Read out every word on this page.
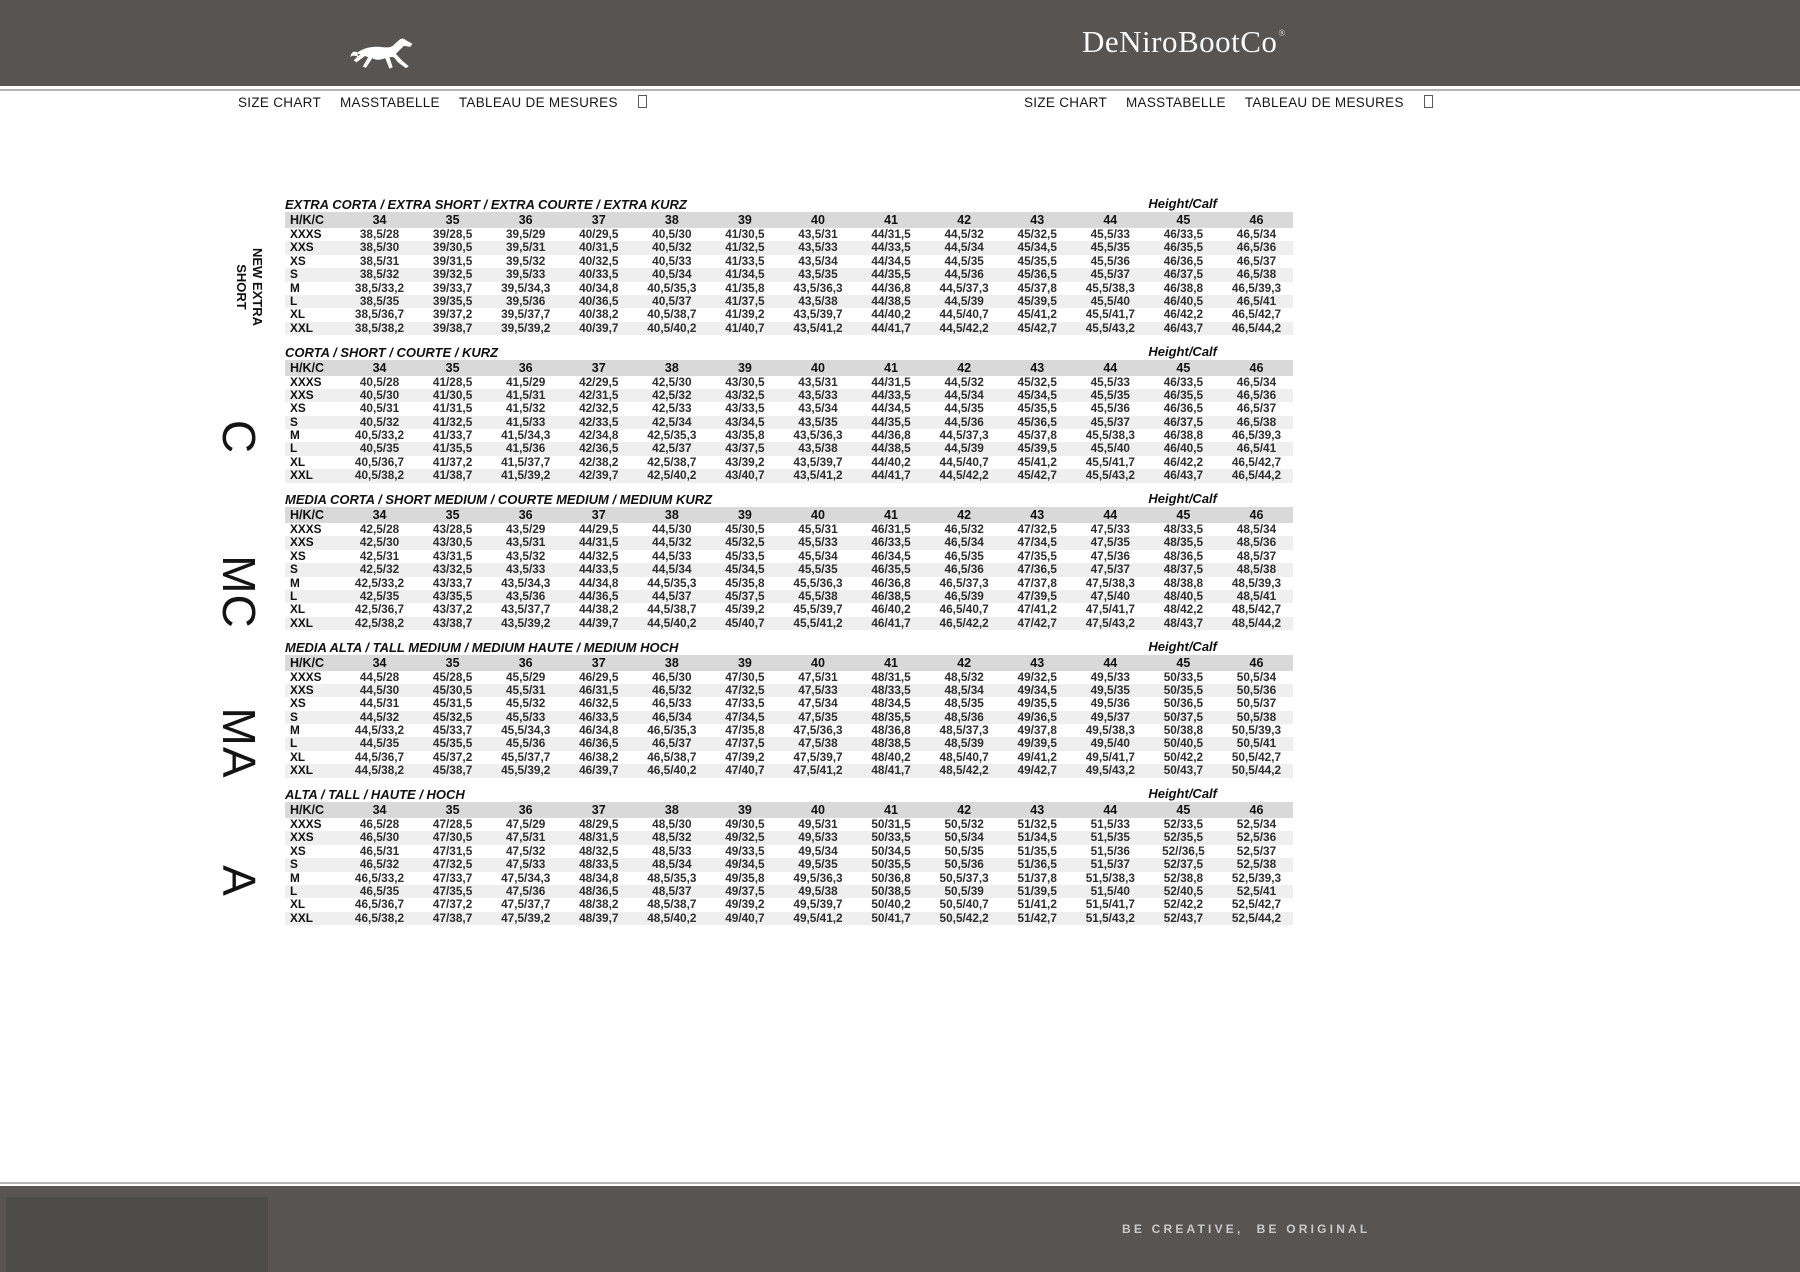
DeNiroBootCo®
SIZE CHART MASSTABELLE TABLEAU DE MESURES	SIZE CHART MASSTABELLE TABLEAU DE MESURES
EXTRA CORTA / EXTRA SHORT / EXTRA COURTE / EXTRA KURZ	Height/Calf
H/K/C	34	35	36	37	38	39	40	41	42	43	44	45	46
XXXS	38,5/28	39/28,5	39,5/29	40/29,5	40,5/30	41/30,5	43,5/31	44/31,5	44,5/32	45/32,5	45,5/33	46/33,5	46,5/34
XXS	38,5/30	39/30,5	39,5/31	40/31,5	40,5/32	41/32,5	43,5/33	44/33,5	44,5/34	45/34,5	45,5/35	46/35,5	46,5/36
XS	38,5/31	39/31,5	39,5/32	40/32,5	40,5/33	41/33,5	43,5/34	44/34,5	44,5/35	45/35,5	45,5/36	46/36,5	46,5/37
S	38,5/32	39/32,5	39,5/33	40/33,5	40,5/34	41/34,5	43,5/35	44/35,5	44,5/36	45/36,5	45,5/37	46/37,5	46,5/38
M	38,5/33,2	39/33,7	39,5/34,3	40/34,8	40,5/35,3	41/35,8	43,5/36,3	44/36,8	44,5/37,3	45/37,8	45,5/38,3	46/38,8	46,5/39,3
L	38,5/35	39/35,5	39,5/36	40/36,5	40,5/37	41/37,5	43,5/38	44/38,5	44,5/39	45/39,5	45,5/40	46/40,5	46,5/41
XL	38,5/36,7	39/37,2	39,5/37,7	40/38,2	40,5/38,7	41/39,2	43,5/39,7	44/40,2	44,5/40,7	45/41,2	45,5/41,7	46/42,2	46,5/42,7
XXL	38,5/38,2	39/38,7	39,5/39,2	40/39,7	40,5/40,2	41/40,7	43,5/41,2	44/41,7	44,5/42,2	45/42,7	45,5/43,2	46/43,7	46,5/44,2
CORTA / SHORT / COURTE / KURZ	Height/Calf
H/K/C	34	35	36	37	38	39	40	41	42	43	44	45	46
XXXS	40,5/28	41/28,5	41,5/29	42/29,5	42,5/30	43/30,5	43,5/31	44/31,5	44,5/32	45/32,5	45,5/33	46/33,5	46,5/34
XXS	40,5/30	41/30,5	41,5/31	42/31,5	42,5/32	43/32,5	43,5/33	44/33,5	44,5/34	45/34,5	45,5/35	46/35,5	46,5/36
XS	40,5/31	41/31,5	41,5/32	42/32,5	42,5/33	43/33,5	43,5/34	44/34,5	44,5/35	45/35,5	45,5/36	46/36,5	46,5/37
S	40,5/32	41/32,5	41,5/33	42/33,5	42,5/34	43/34,5	43,5/35	44/35,5	44,5/36	45/36,5	45,5/37	46/37,5	46,5/38
M	40,5/33,2	41/33,7	41,5/34,3	42/34,8	42,5/35,3	43/35,8	43,5/36,3	44/36,8	44,5/37,3	45/37,8	45,5/38,3	46/38,8	46,5/39,3
L	40,5/35	41/35,5	41,5/36	42/36,5	42,5/37	43/37,5	43,5/38	44/38,5	44,5/39	45/39,5	45,5/40	46/40,5	46,5/41
XL	40,5/36,7	41/37,2	41,5/37,7	42/38,2	42,5/38,7	43/39,2	43,5/39,7	44/40,2	44,5/40,7	45/41,2	45,5/41,7	46/42,2	46,5/42,7
XXL	40,5/38,2	41/38,7	41,5/39,2	42/39,7	42,5/40,2	43/40,7	43,5/41,2	44/41,7	44,5/42,2	45/42,7	45,5/43,2	46/43,7	46,5/44,2
MEDIA CORTA / SHORT MEDIUM / COURTE MEDIUM / MEDIUM KURZ	Height/Calf
H/K/C	34	35	36	37	38	39	40	41	42	43	44	45	46
XXXS	42,5/28	43/28,5	43,5/29	44/29,5	44,5/30	45/30,5	45,5/31	46/31,5	46,5/32	47/32,5	47,5/33	48/33,5	48,5/34
XXS	42,5/30	43/30,5	43,5/31	44/31,5	44,5/32	45/32,5	45,5/33	46/33,5	46,5/34	47/34,5	47,5/35	48/35,5	48,5/36
XS	42,5/31	43/31,5	43,5/32	44/32,5	44,5/33	45/33,5	45,5/34	46/34,5	46,5/35	47/35,5	47,5/36	48/36,5	48,5/37
S	42,5/32	43/32,5	43,5/33	44/33,5	44,5/34	45/34,5	45,5/35	46/35,5	46,5/36	47/36,5	47,5/37	48/37,5	48,5/38
M	42,5/33,2	43/33,7	43,5/34,3	44/34,8	44,5/35,3	45/35,8	45,5/36,3	46/36,8	46,5/37,3	47/37,8	47,5/38,3	48/38,8	48,5/39,3
L	42,5/35	43/35,5	43,5/36	44/36,5	44,5/37	45/37,5	45,5/38	46/38,5	46,5/39	47/39,5	47,5/40	48/40,5	48,5/41
XL	42,5/36,7	43/37,2	43,5/37,7	44/38,2	44,5/38,7	45/39,2	45,5/39,7	46/40,2	46,5/40,7	47/41,2	47,5/41,7	48/42,2	48,5/42,7
XXL	42,5/38,2	43/38,7	43,5/39,2	44/39,7	44,5/40,2	45/40,7	45,5/41,2	46/41,7	46,5/42,2	47/42,7	47,5/43,2	48/43,7	48,5/44,2
MEDIA ALTA / TALL MEDIUM / MEDIUM HAUTE / MEDIUM HOCH	Height/Calf
H/K/C	34	35	36	37	38	39	40	41	42	43	44	45	46
XXXS	44,5/28	45/28,5	45,5/29	46/29,5	46,5/30	47/30,5	47,5/31	48/31,5	48,5/32	49/32,5	49,5/33	50/33,5	50,5/34
XXS	44,5/30	45/30,5	45,5/31	46/31,5	46,5/32	47/32,5	47,5/33	48/33,5	48,5/34	49/34,5	49,5/35	50/35,5	50,5/36
XS	44,5/31	45/31,5	45,5/32	46/32,5	46,5/33	47/33,5	47,5/34	48/34,5	48,5/35	49/35,5	49,5/36	50/36,5	50,5/37
S	44,5/32	45/32,5	45,5/33	46/33,5	46,5/34	47/34,5	47,5/35	48/35,5	48,5/36	49/36,5	49,5/37	50/37,5	50,5/38
M	44,5/33,2	45/33,7	45,5/34,3	46/34,8	46,5/35,3	47/35,8	47,5/36,3	48/36,8	48,5/37,3	49/37,8	49,5/38,3	50/38,8	50,5/39,3
L	44,5/35	45/35,5	45,5/36	46/36,5	46,5/37	47/37,5	47,5/38	48/38,5	48,5/39	49/39,5	49,5/40	50/40,5	50,5/41
XL	44,5/36,7	45/37,2	45,5/37,7	46/38,2	46,5/38,7	47/39,2	47,5/39,7	48/40,2	48,5/40,7	49/41,2	49,5/41,7	50/42,2	50,5/42,7
XXL	44,5/38,2	45/38,7	45,5/39,2	46/39,7	46,5/40,2	47/40,7	47,5/41,2	48/41,7	48,5/42,2	49/42,7	49,5/43,2	50/43,7	50,5/44,2
ALTA / TALL / HAUTE / HOCH	Height/Calf
H/K/C	34	35	36	37	38	39	40	41	42	43	44	45	46
XXXS	46,5/28	47/28,5	47,5/29	48/29,5	48,5/30	49/30,5	49,5/31	50/31,5	50,5/32	51/32,5	51,5/33	52/33,5	52,5/34
XXS	46,5/30	47/30,5	47,5/31	48/31,5	48,5/32	49/32,5	49,5/33	50/33,5	50,5/34	51/34,5	51,5/35	52/35,5	52,5/36
XS	46,5/31	47/31,5	47,5/32	48/32,5	48,5/33	49/33,5	49,5/34	50/34,5	50,5/35	51/35,5	51,5/36	52//36,5	52,5/37
S	46,5/32	47/32,5	47,5/33	48/33,5	48,5/34	49/34,5	49,5/35	50/35,5	50,5/36	51/36,5	51,5/37	52/37,5	52,5/38
M	46,5/33,2	47/33,7	47,5/34,3	48/34,8	48,5/35,3	49/35,8	49,5/36,3	50/36,8	50,5/37,3	51/37,8	51,5/38,3	52/38,8	52,5/39,3
L	46,5/35	47/35,5	47,5/36	48/36,5	48,5/37	49/37,5	49,5/38	50/38,5	50,5/39	51/39,5	51,5/40	52/40,5	52,5/41
XL	46,5/36,7	47/37,2	47,5/37,7	48/38,2	48,5/38,7	49/39,2	49,5/39,7	50/40,2	50,5/40,7	51/41,2	51,5/41,7	52/42,2	52,5/42,7
XXL	46,5/38,2	47/38,7	47,5/39,2	48/39,7	48,5/40,2	49/40,7	49,5/41,2	50/41,7	50,5/42,2	51/42,7	51,5/43,2	52/43,7	52,5/44,2
NEW EXTRA
SHORT
C
MC
MA
A
BE CREATIVE,  BE ORIGINAL
